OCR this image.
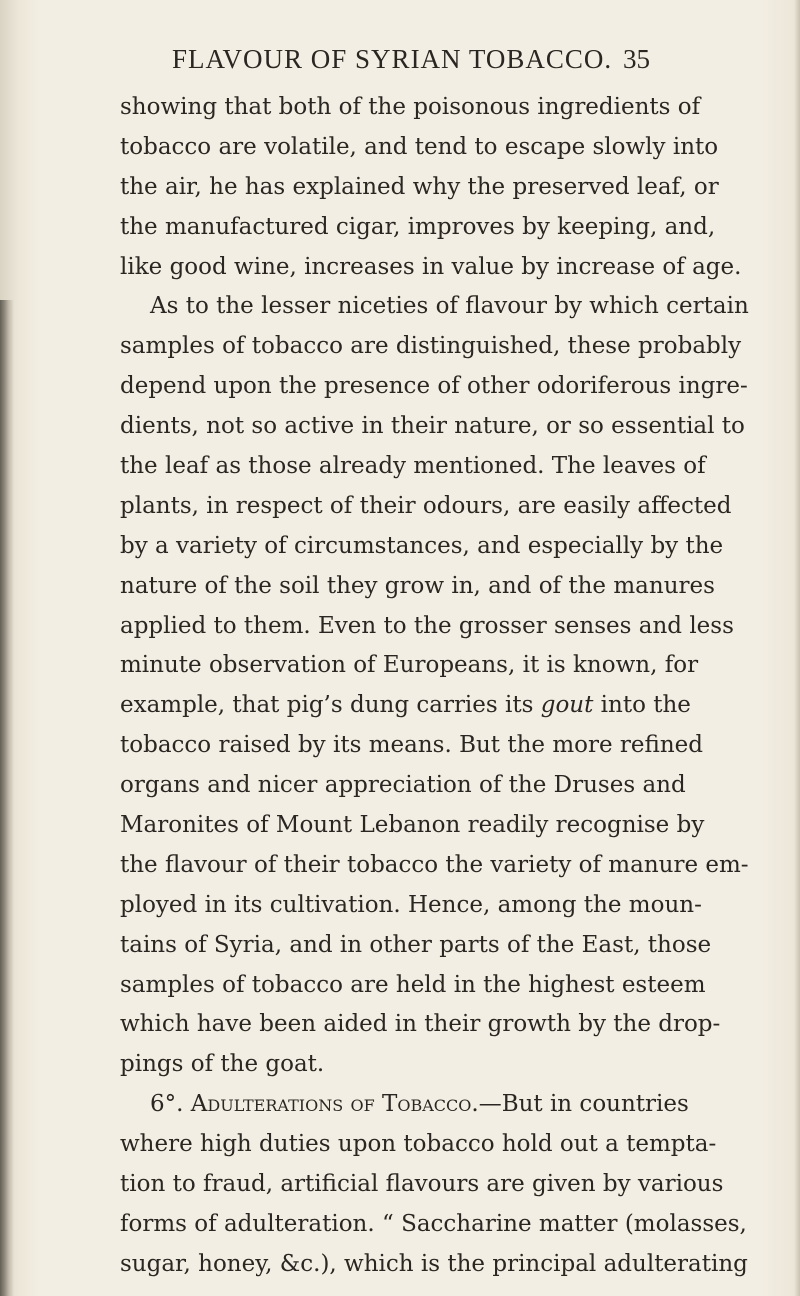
FLAVOUR OF SYRIAN TOBACCO. 35
showing that both of the poisonous ingredients of
tobacco are volatile, and tend to escape slowly into
the air, he has explained why the preserved leaf, or
the manufactured cigar, improves by keeping, and,
like good wine, increases in value by increase of age.
As to the lesser niceties of flavour by which certain
samples of tobacco are distinguished, these probably
depend upon the presence of other odoriferous ingre-
dients, not so active in their nature, or so essential to
the leaf as those already mentioned. The leaves of
plants, in respect of their odours, are easily affected
by a variety of circumstances, and especially by the
nature of the soil they grow in, and of the manures
applied to them. Even to the grosser senses and less
minute observation of Europeans, it is known, for
example, that pig’s dung carries its gout into the
tobacco raised by its means. But the more refined
organs and nicer appreciation of the Druses and
Maronites of Mount Lebanon readily recognise by
the flavour of their tobacco the variety of manure em-
ployed in its cultivation. Hence, among the moun-
tains of Syria, and in other parts of the East, those
samples of tobacco are held in the highest esteem
which have been aided in their growth by the drop-
pings of the goat.
6°. Adulterations of Tobacco.—But in countries
where high duties upon tobacco hold out a tempta-
tion to fraud, artificial flavours are given by various
forms of adulteration. “ Saccharine matter (molasses,
sugar, honey, &c.), which is the principal adulterating
